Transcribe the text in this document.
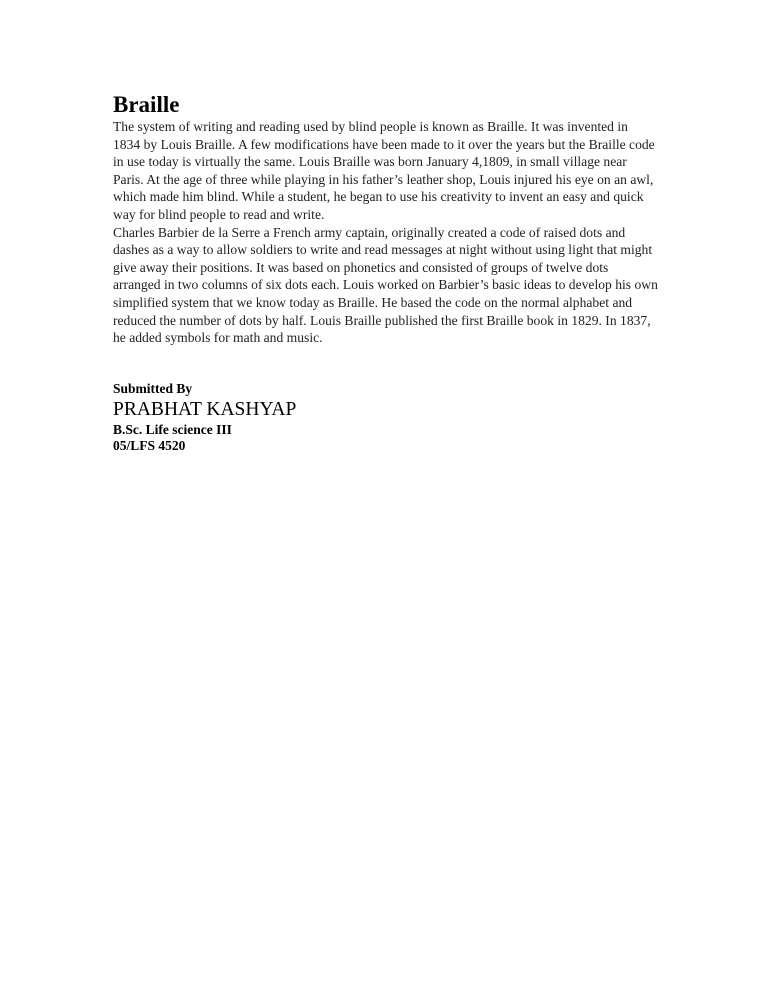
Braille

The system of writing and reading used by blind people is known as Braille. It was invented in 1834 by Louis Braille. A few modifications have been made to it over the years but the Braille code in use today is virtually the same. Louis Braille was born January 4,1809, in small village near Paris. At the age of three while playing in his father’s leather shop, Louis injured his eye on an awl, which made him blind. While a student, he began to use his creativity to invent an easy and quick way for blind people to read and write.

Charles Barbier de la Serre a French army captain, originally created a code of raised dots and dashes as a way to allow soldiers to write and read messages at night without using light that might give away their positions. It was based on phonetics and consisted of groups of twelve dots arranged in two columns of six dots each. Louis worked on Barbier’s basic ideas to develop his own simplified system that we know today as Braille. He based the code on the normal alphabet and reduced the number of dots by half. Louis Braille published the first Braille book in 1829. In 1837, he added symbols for math and music.

Submitted By

PRABHAT KASHYAP

B.Sc. Life science III

05/LFS 4520
